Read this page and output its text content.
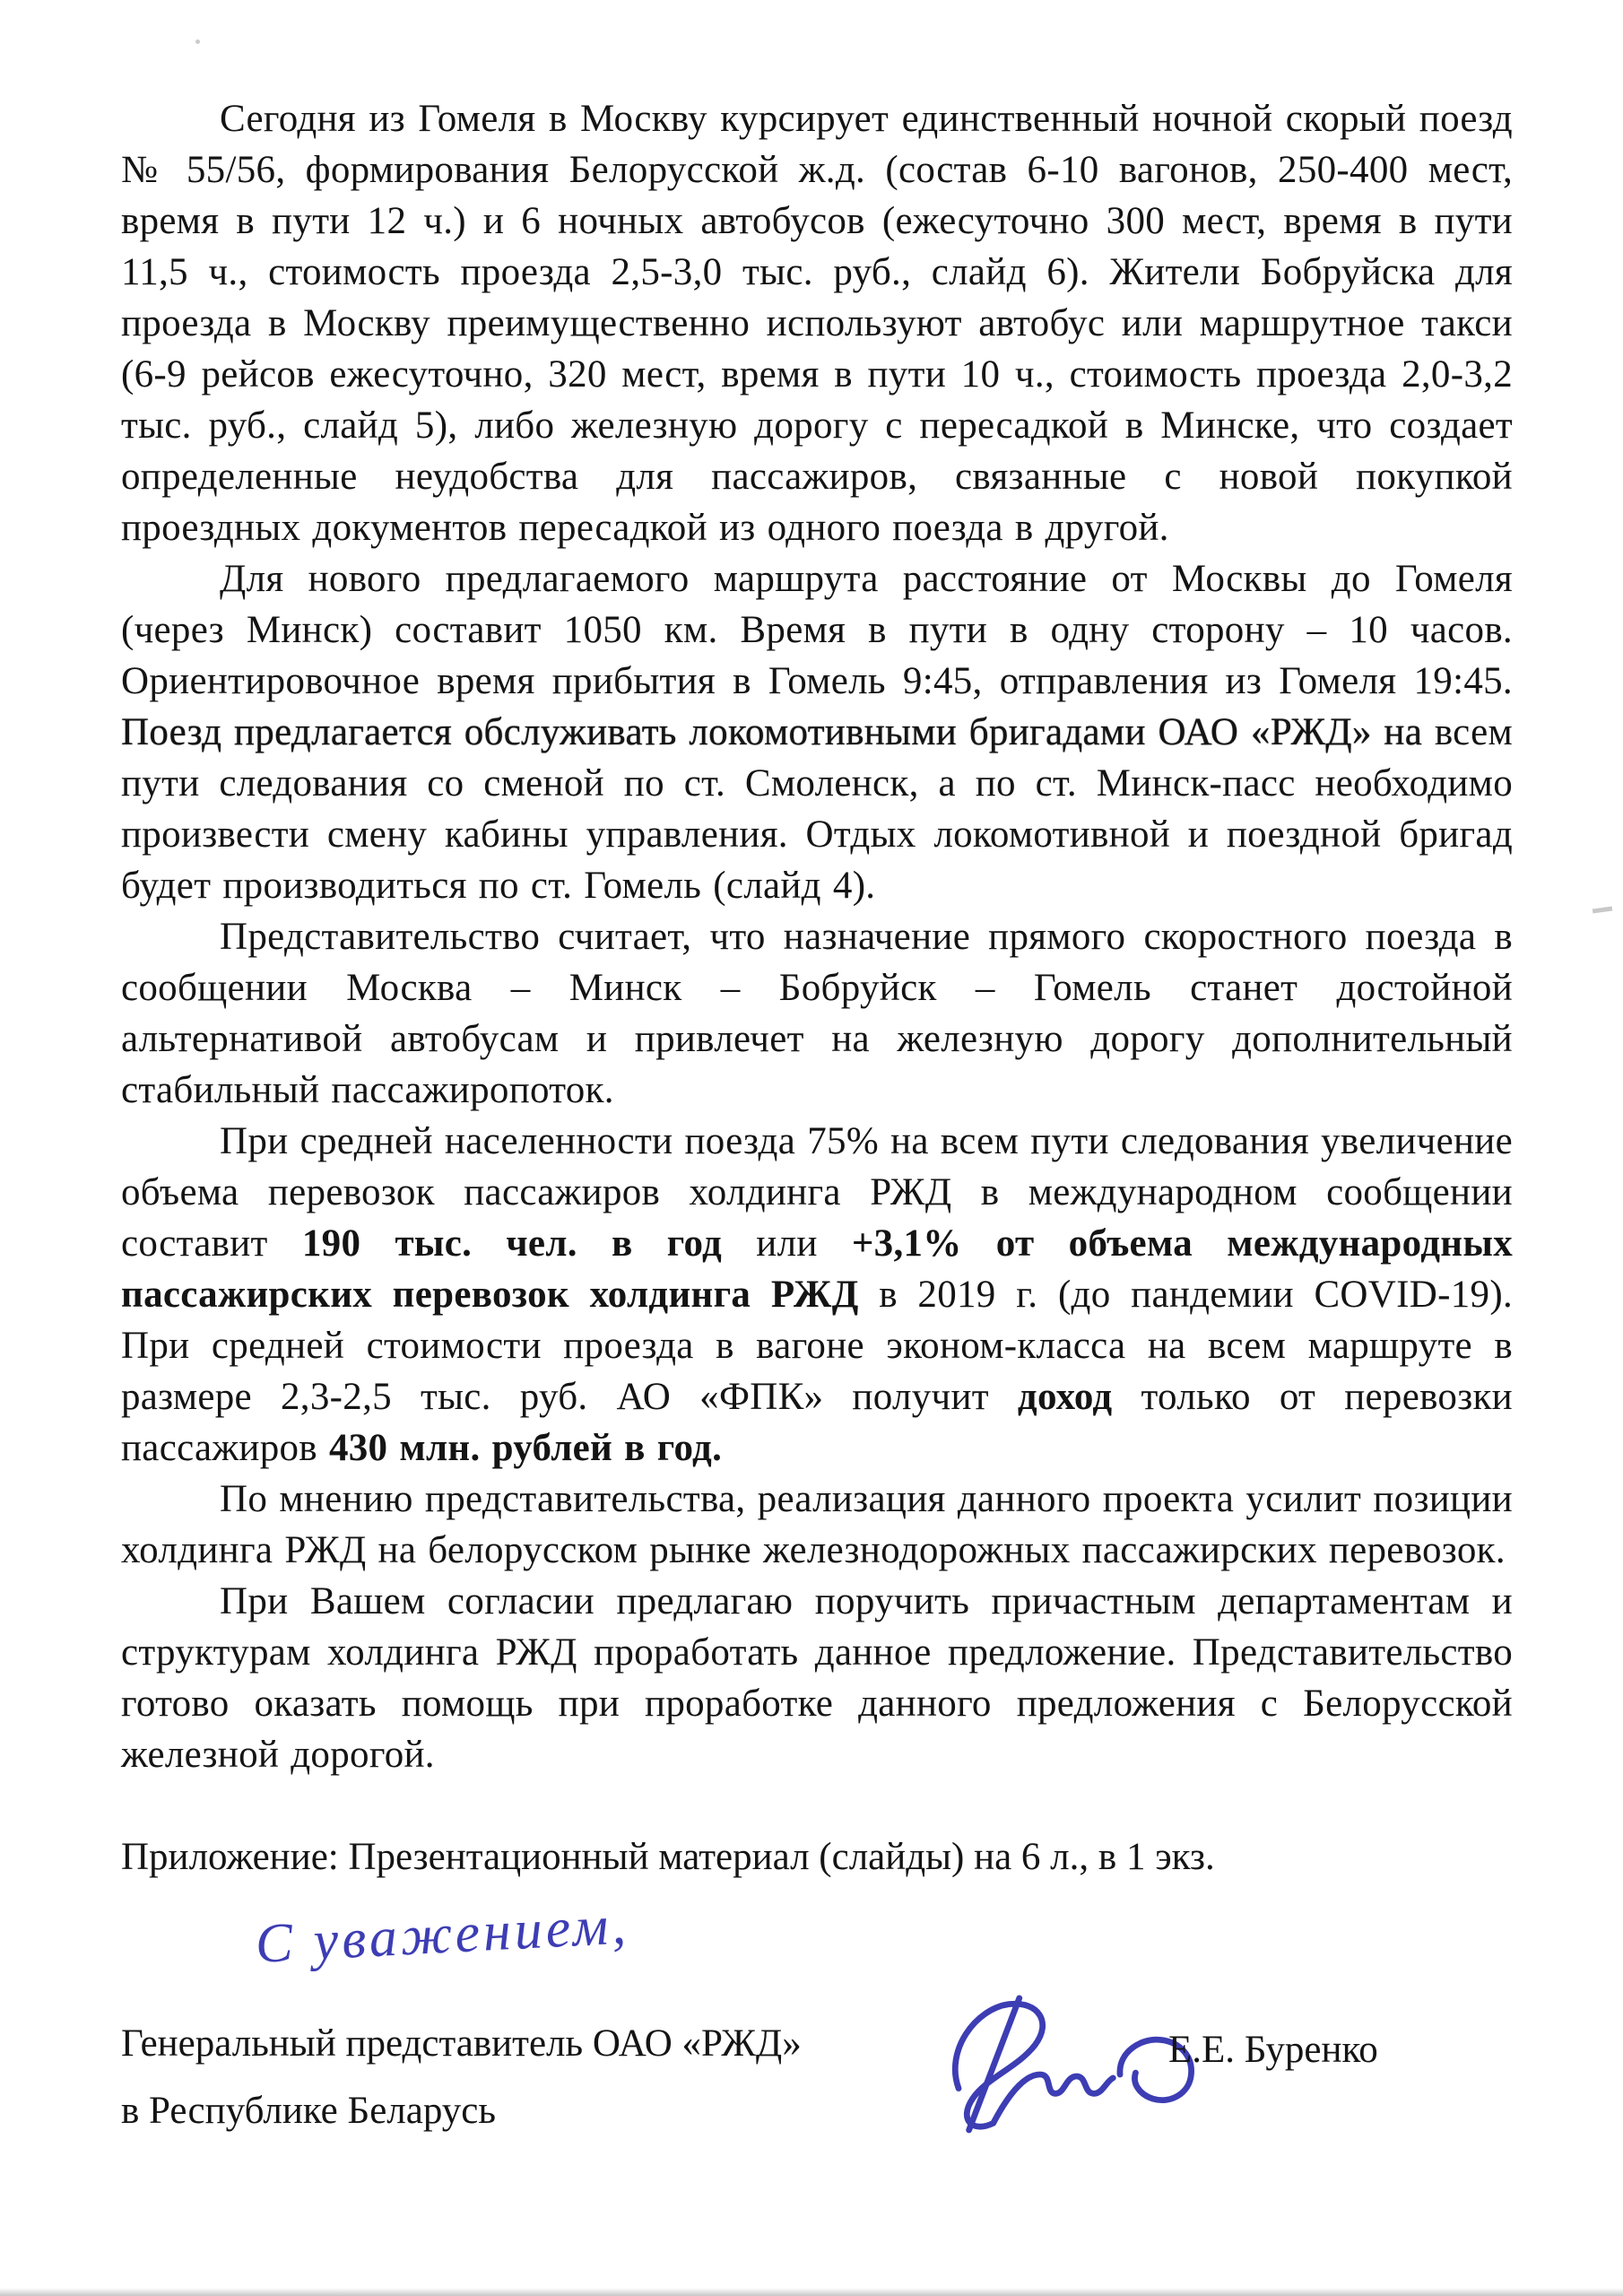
Сегодня из Гомеля в Москву курсирует единственный ночной скорый поезд № 55/56, формирования Белорусской ж.д. (состав 6-10 вагонов, 250-400 мест, время в пути 12 ч.) и 6 ночных автобусов (ежесуточно 300 мест, время в пути 11,5 ч., стоимость проезда 2,5-3,0 тыс. руб., слайд 6). Жители Бобруйска для проезда в Москву преимущественно используют автобус или маршрутное такси (6-9 рейсов ежесуточно, 320 мест, время в пути 10 ч., стоимость проезда 2,0-3,2 тыс. руб., слайд 5), либо железную дорогу с пересадкой в Минске, что создает определенные неудобства для пассажиров, связанные с новой покупкой проездных документов пересадкой из одного поезда в другой.

Для нового предлагаемого маршрута расстояние от Москвы до Гомеля (через Минск) составит 1050 км. Время в пути в одну сторону – 10 часов. Ориентировочное время прибытия в Гомель 9:45, отправления из Гомеля 19:45. Поезд предлагается обслуживать локомотивными бригадами ОАО «РЖД» на всем пути следования со сменой по ст. Смоленск, а по ст. Минск-пасс необходимо произвести смену кабины управления. Отдых локомотивной и поездной бригад будет производиться по ст. Гомель (слайд 4).

Представительство считает, что назначение прямого скоростного поезда в сообщении Москва – Минск – Бобруйск – Гомель станет достойной альтернативой автобусам и привлечет на железную дорогу дополнительный стабильный пассажиропоток.

При средней населенности поезда 75% на всем пути следования увеличение объема перевозок пассажиров холдинга РЖД в международном сообщении составит 190 тыс. чел. в год или +3,1% от объема международных пассажирских перевозок холдинга РЖД в 2019 г. (до пандемии COVID-19). При средней стоимости проезда в вагоне эконом-класса на всем маршруте в размере 2,3-2,5 тыс. руб. АО «ФПК» получит доход только от перевозки пассажиров 430 млн. рублей в год.

По мнению представительства, реализация данного проекта усилит позиции холдинга РЖД на белорусском рынке железнодорожных пассажирских перевозок.

При Вашем согласии предлагаю поручить причастным департаментам и структурам холдинга РЖД проработать данное предложение. Представительство готово оказать помощь при проработке данного предложения с Белорусской железной дорогой.

Приложение: Презентационный материал (слайды) на 6 л., в 1 экз.

С уважением,
Генеральный представитель ОАО «РЖД»
в Республике Беларусь
Е.Е. Буренко
